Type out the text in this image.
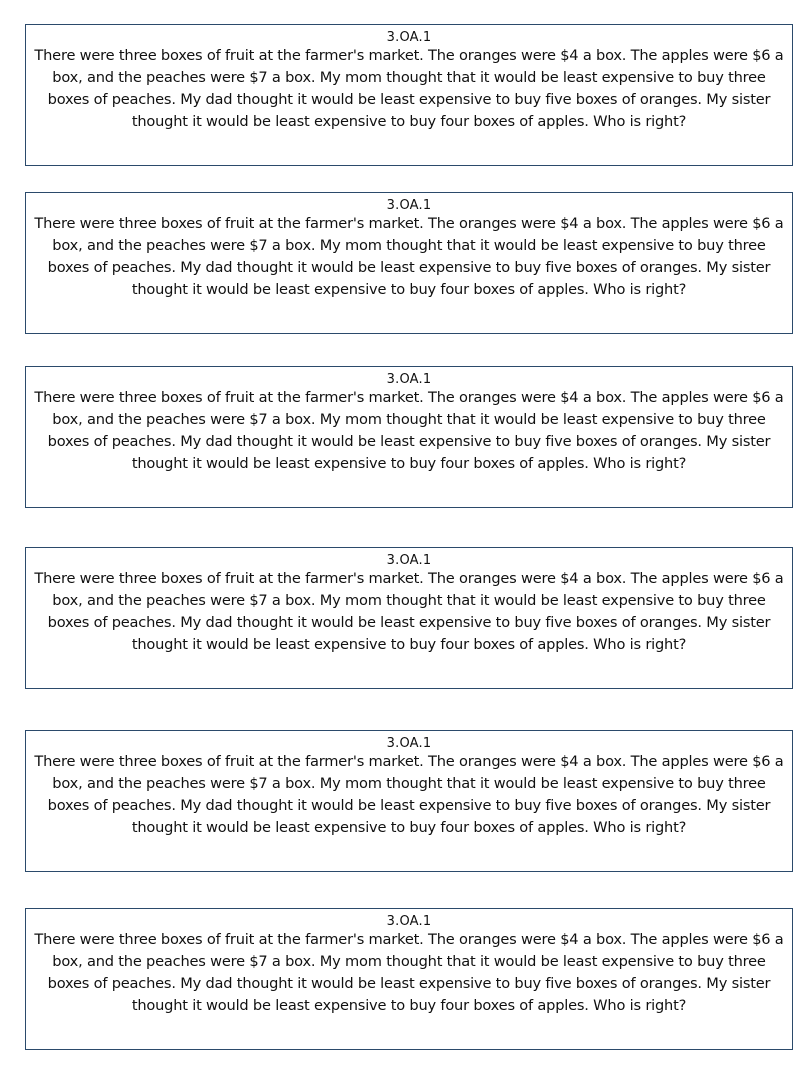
3.OA.1
There were three boxes of fruit at the farmer's market. The oranges were $4 a box. The apples were $6 a box, and the peaches were $7 a box. My mom thought that it would be least expensive to buy three boxes of peaches. My dad thought it would be least expensive to buy five boxes of oranges. My sister thought it would be least expensive to buy four boxes of apples. Who is right?
3.OA.1
There were three boxes of fruit at the farmer's market. The oranges were $4 a box. The apples were $6 a box, and the peaches were $7 a box. My mom thought that it would be least expensive to buy three boxes of peaches. My dad thought it would be least expensive to buy five boxes of oranges. My sister thought it would be least expensive to buy four boxes of apples. Who is right?
3.OA.1
There were three boxes of fruit at the farmer's market. The oranges were $4 a box. The apples were $6 a box, and the peaches were $7 a box. My mom thought that it would be least expensive to buy three boxes of peaches. My dad thought it would be least expensive to buy five boxes of oranges. My sister thought it would be least expensive to buy four boxes of apples. Who is right?
3.OA.1
There were three boxes of fruit at the farmer's market. The oranges were $4 a box. The apples were $6 a box, and the peaches were $7 a box. My mom thought that it would be least expensive to buy three boxes of peaches. My dad thought it would be least expensive to buy five boxes of oranges. My sister thought it would be least expensive to buy four boxes of apples. Who is right?
3.OA.1
There were three boxes of fruit at the farmer's market. The oranges were $4 a box. The apples were $6 a box, and the peaches were $7 a box. My mom thought that it would be least expensive to buy three boxes of peaches. My dad thought it would be least expensive to buy five boxes of oranges. My sister thought it would be least expensive to buy four boxes of apples. Who is right?
3.OA.1
There were three boxes of fruit at the farmer's market. The oranges were $4 a box. The apples were $6 a box, and the peaches were $7 a box. My mom thought that it would be least expensive to buy three boxes of peaches. My dad thought it would be least expensive to buy five boxes of oranges. My sister thought it would be least expensive to buy four boxes of apples. Who is right?
